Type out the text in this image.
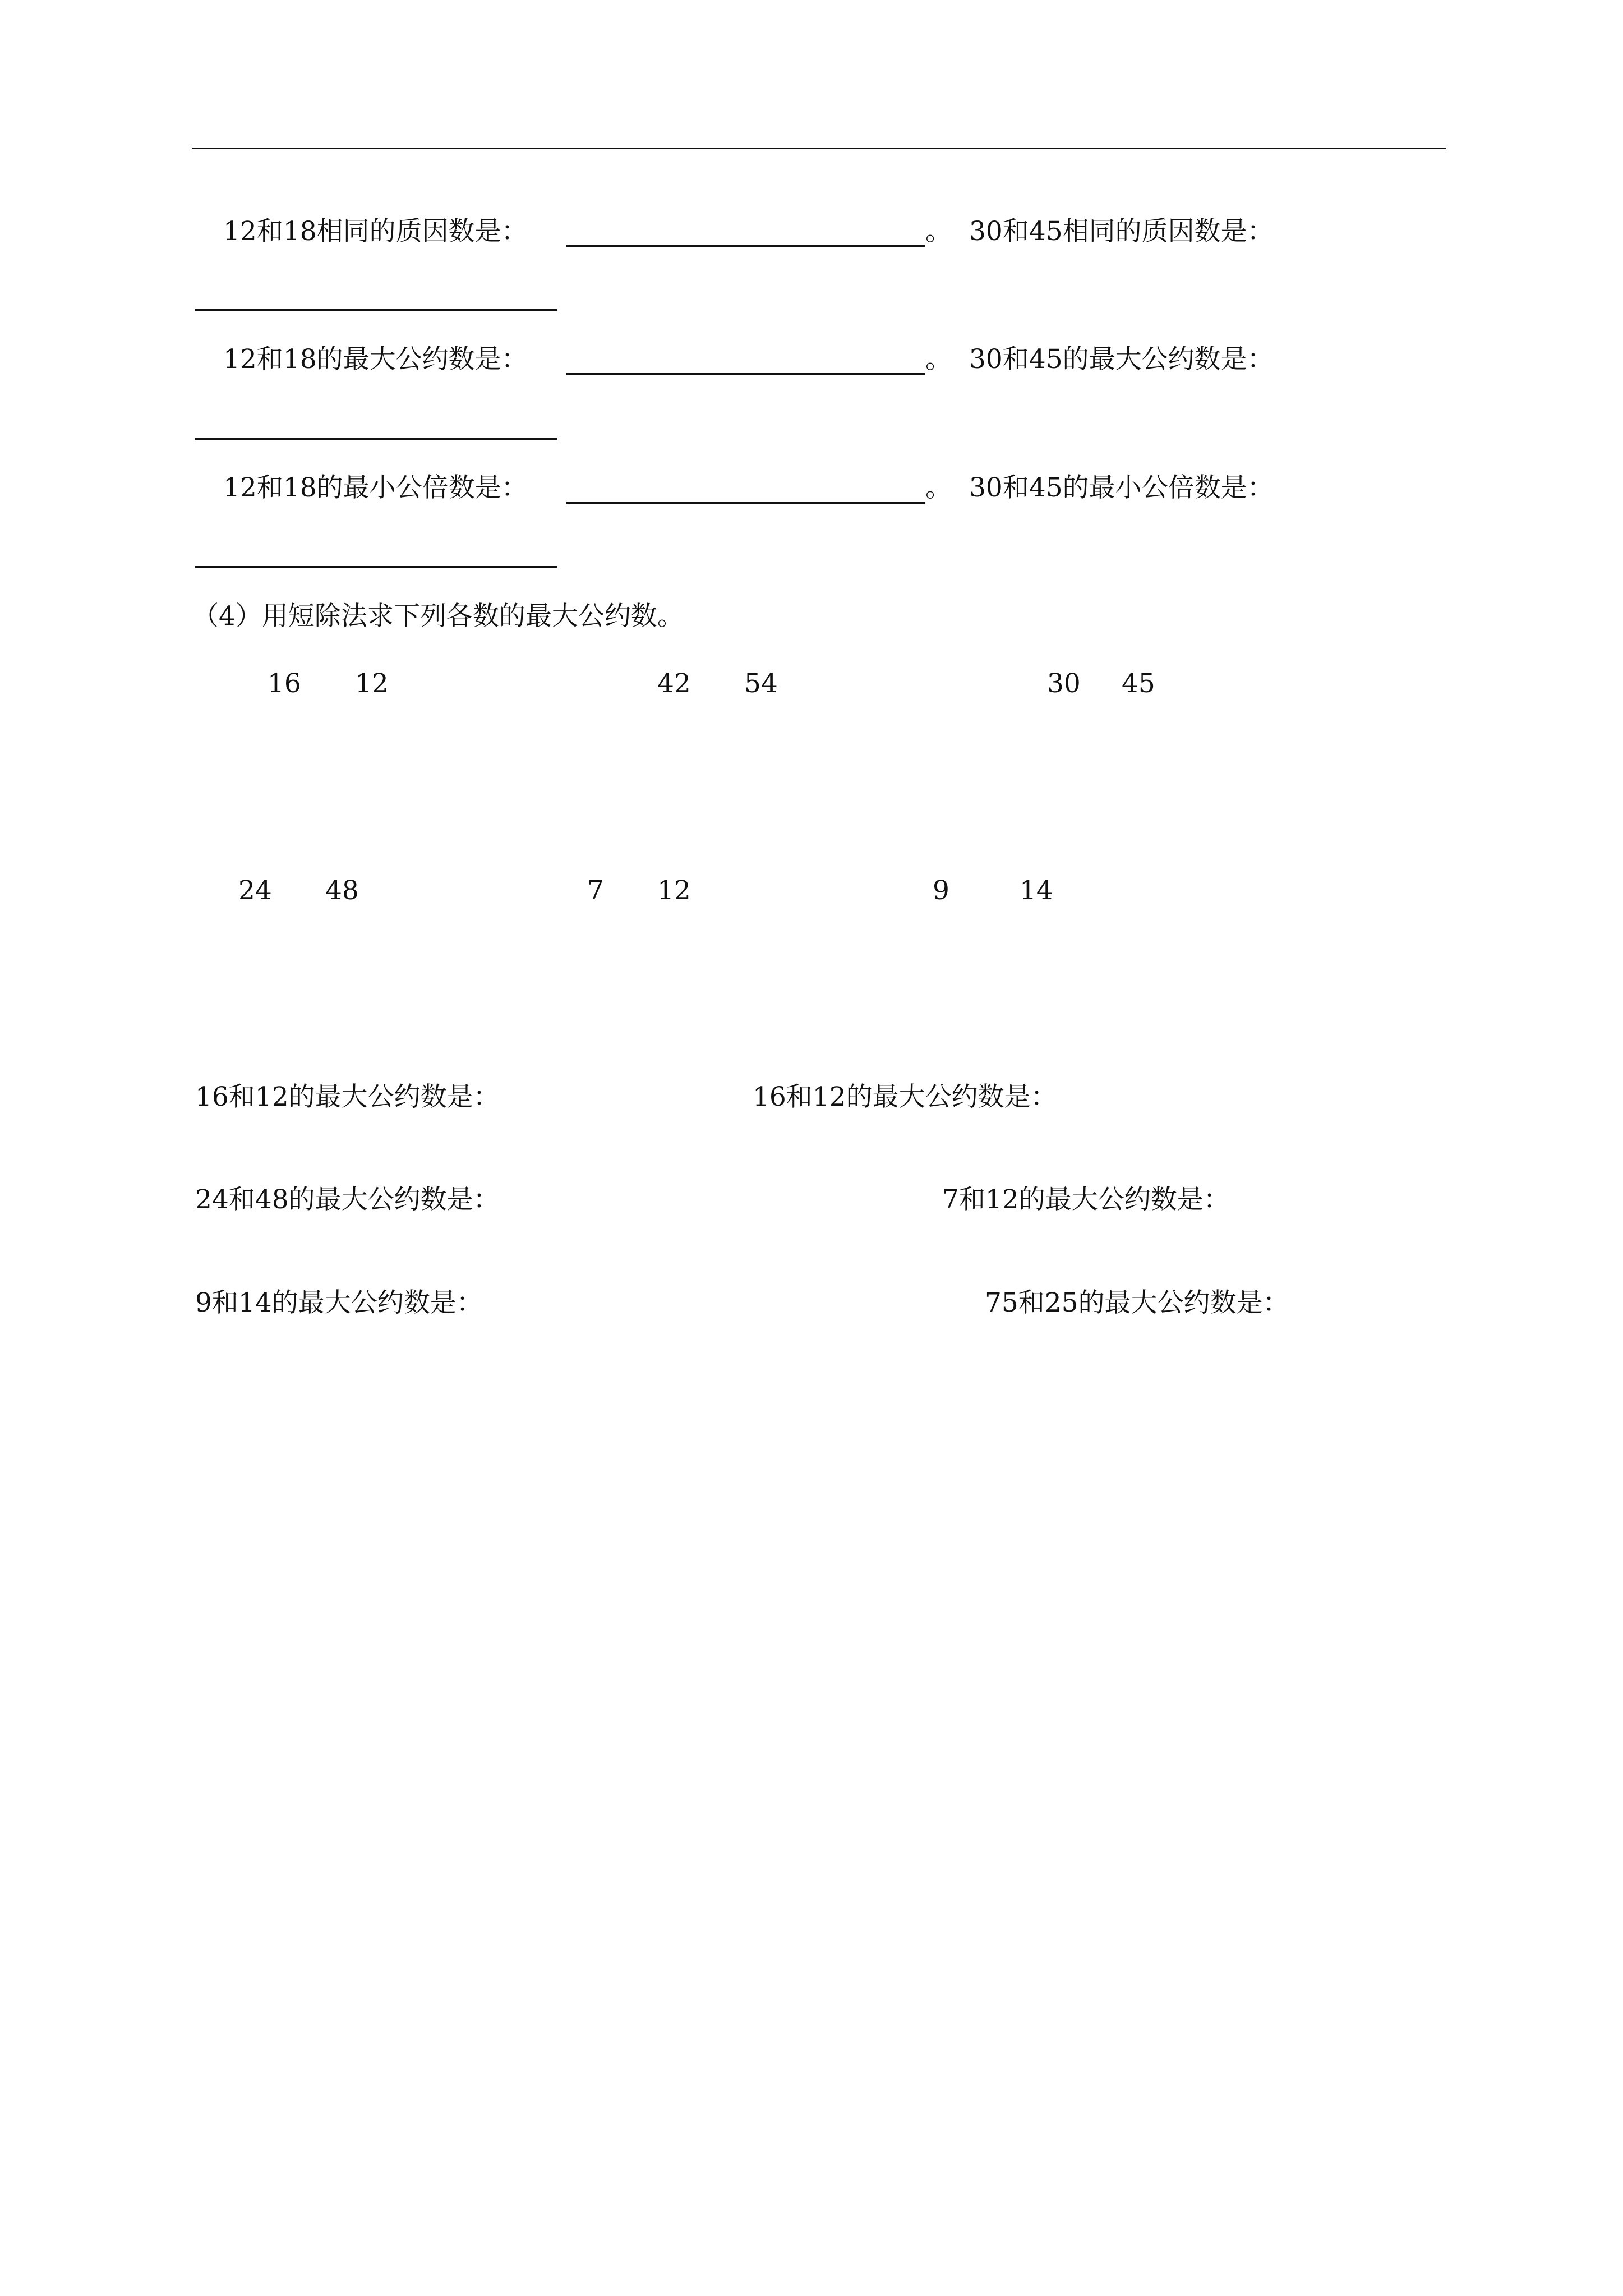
12和18相同的质因数是：	。 30和45相同的质因数是：
12和18的最大公约数是：	。 30和45的最大公约数是：
12和18的最小公倍数是：	。 30和45的最小公倍数是：
（4）用短除法求下列各数的最大公约数。
16 12	42 54	30 45
24 48	7 12	9	14
16和12的最大公约数是：	16和12的最大公约数是：
24和48的最大公约数是：	7和12的最大公约数是：
9和14的最大公约数是：	75和25的最大公约数是：
